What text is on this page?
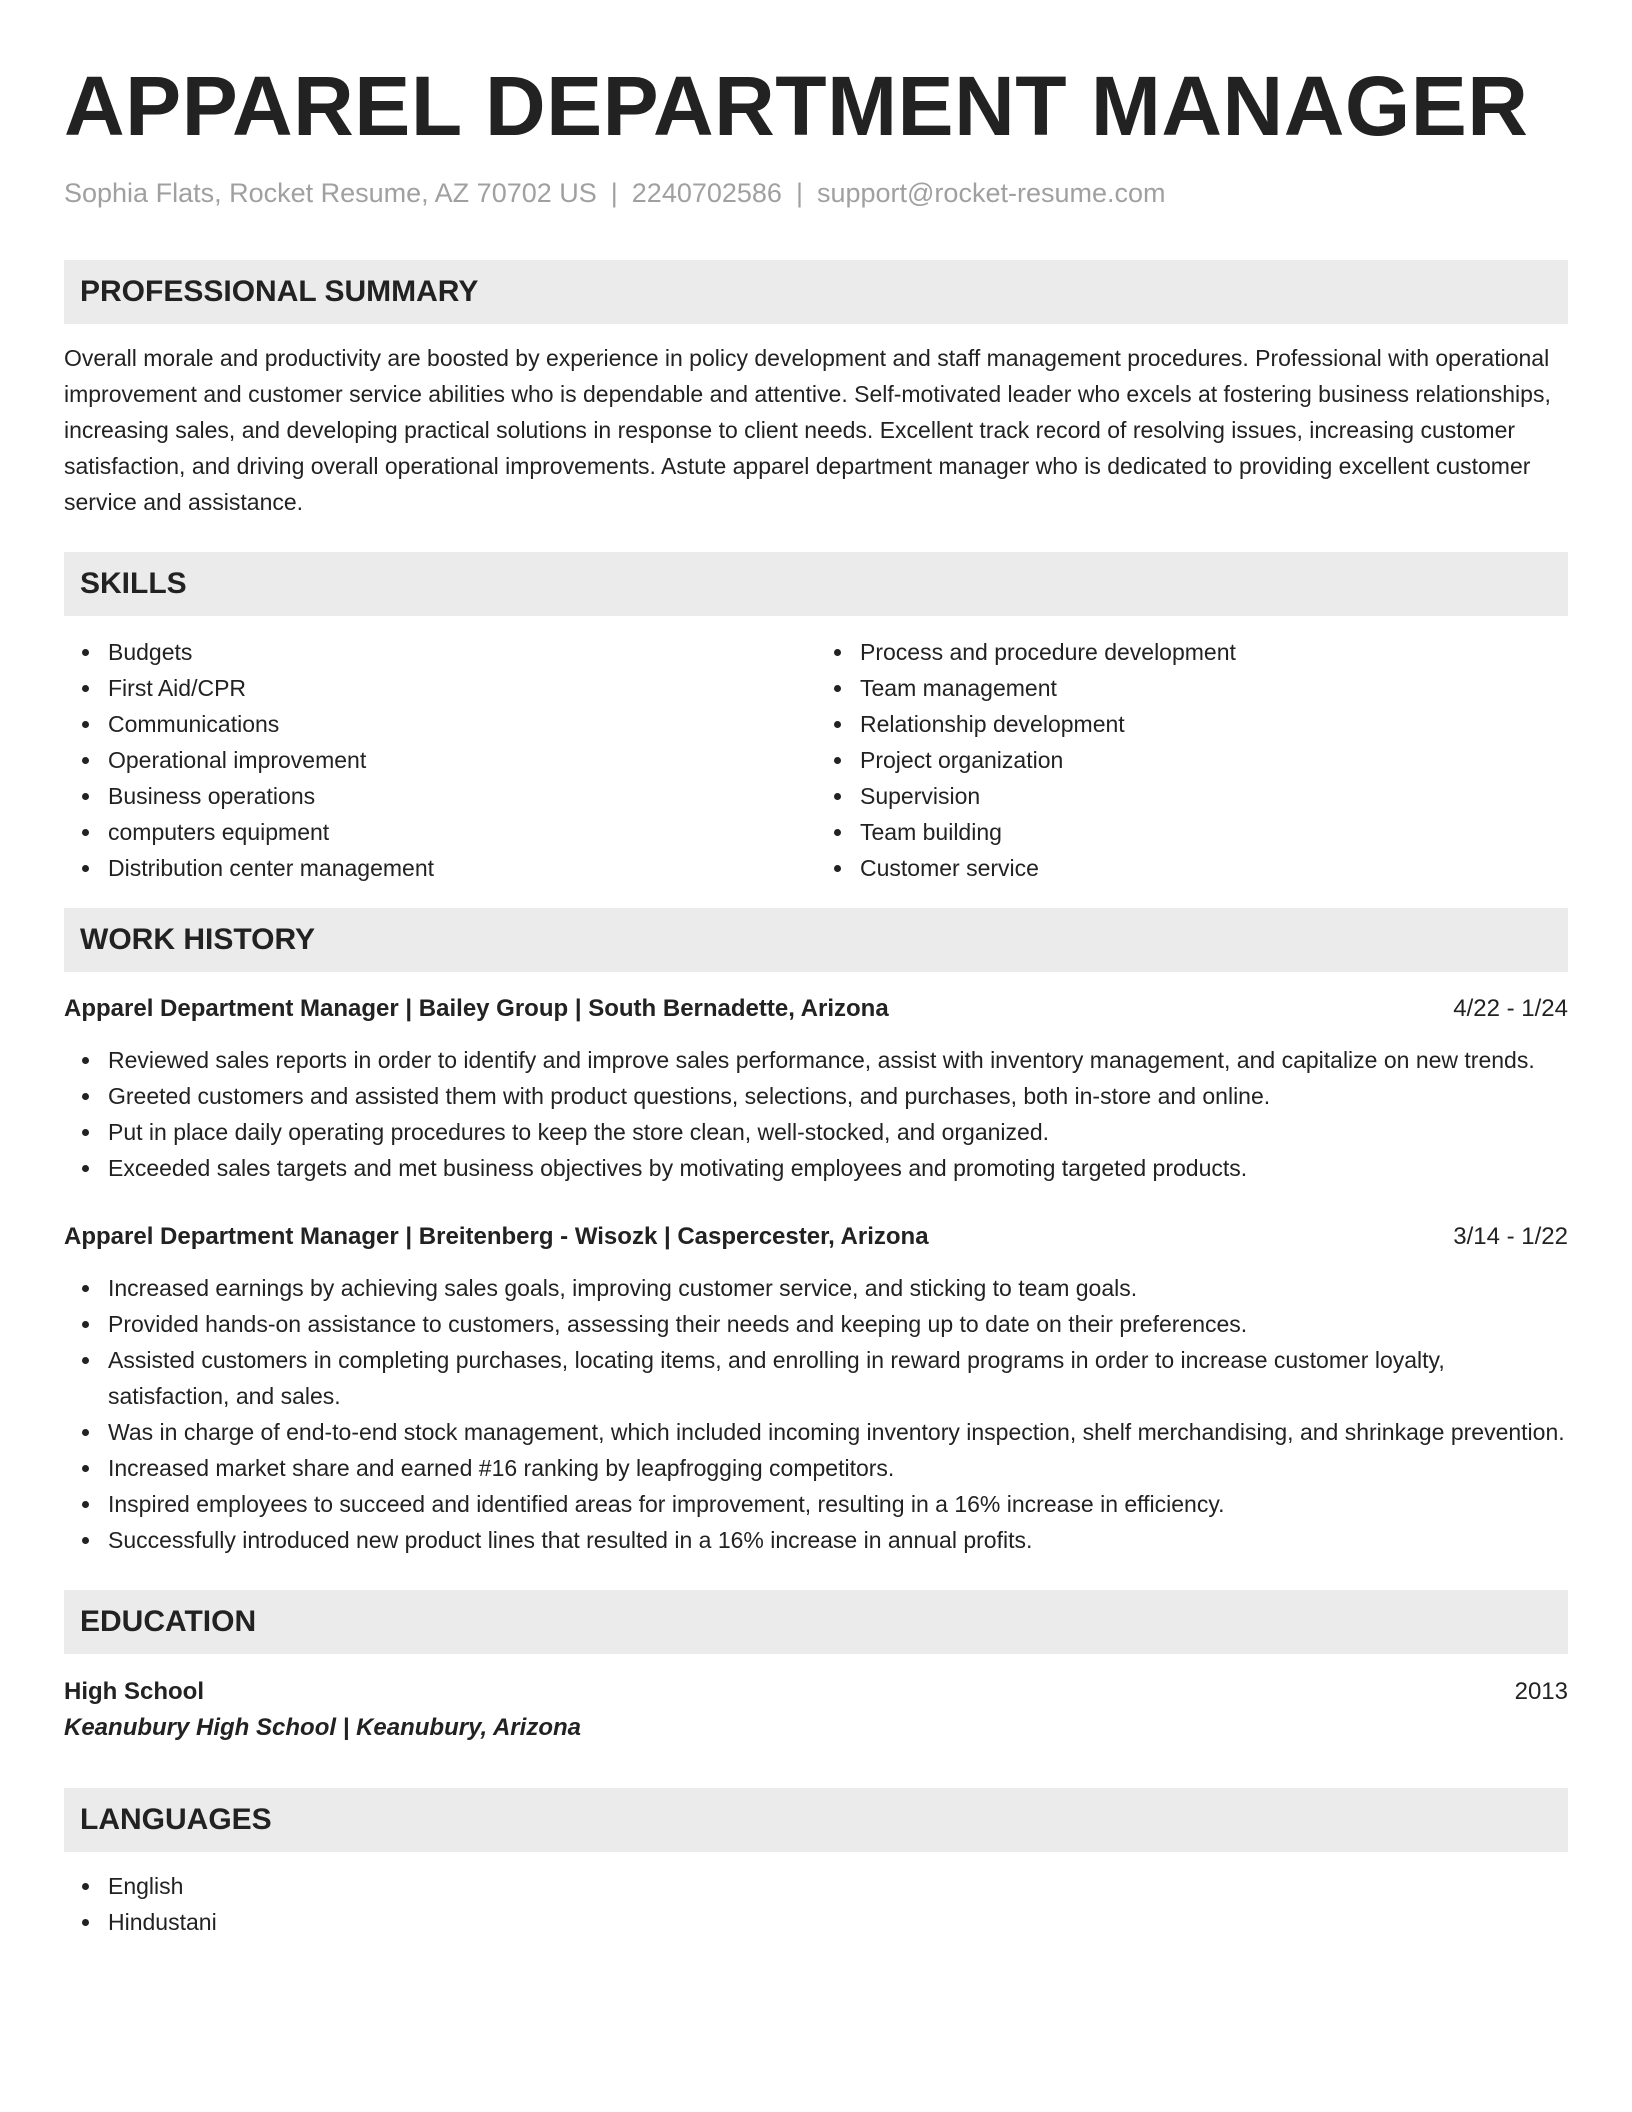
APPAREL DEPARTMENT MANAGER
Sophia Flats, Rocket Resume, AZ 70702 US | 2240702586 | support@rocket-resume.com
PROFESSIONAL SUMMARY

Overall morale and productivity are boosted by experience in policy development and staff management procedures. Professional with operational improvement and customer service abilities who is dependable and attentive. Self-motivated leader who excels at fostering business relationships, increasing sales, and developing practical solutions in response to client needs. Excellent track record of resolving issues, increasing customer satisfaction, and driving overall operational improvements. Astute apparel department manager who is dedicated to providing excellent customer service and assistance.

SKILLS
Budgets
First Aid/CPR
Communications
Operational improvement
Business operations
computers equipment
Distribution center management
Process and procedure development
Team management
Relationship development
Project organization
Supervision
Team building
Customer service
WORK HISTORY
Apparel Department Manager | Bailey Group | South Bernadette, Arizona	4/22 - 1/24
Reviewed sales reports in order to identify and improve sales performance, assist with inventory management, and capitalize on new trends.
Greeted customers and assisted them with product questions, selections, and purchases, both in-store and online.
Put in place daily operating procedures to keep the store clean, well-stocked, and organized.
Exceeded sales targets and met business objectives by motivating employees and promoting targeted products.
Apparel Department Manager | Breitenberg - Wisozk | Caspercester, Arizona	3/14 - 1/22
Increased earnings by achieving sales goals, improving customer service, and sticking to team goals.
Provided hands-on assistance to customers, assessing their needs and keeping up to date on their preferences.
Assisted customers in completing purchases, locating items, and enrolling in reward programs in order to increase customer loyalty, satisfaction, and sales.
Was in charge of end-to-end stock management, which included incoming inventory inspection, shelf merchandising, and shrinkage prevention.
Increased market share and earned #16 ranking by leapfrogging competitors.
Inspired employees to succeed and identified areas for improvement, resulting in a 16% increase in efficiency.
Successfully introduced new product lines that resulted in a 16% increase in annual profits.
EDUCATION
High School	2013
Keanubury High School | Keanubury, Arizona
LANGUAGES
English
Hindustani
